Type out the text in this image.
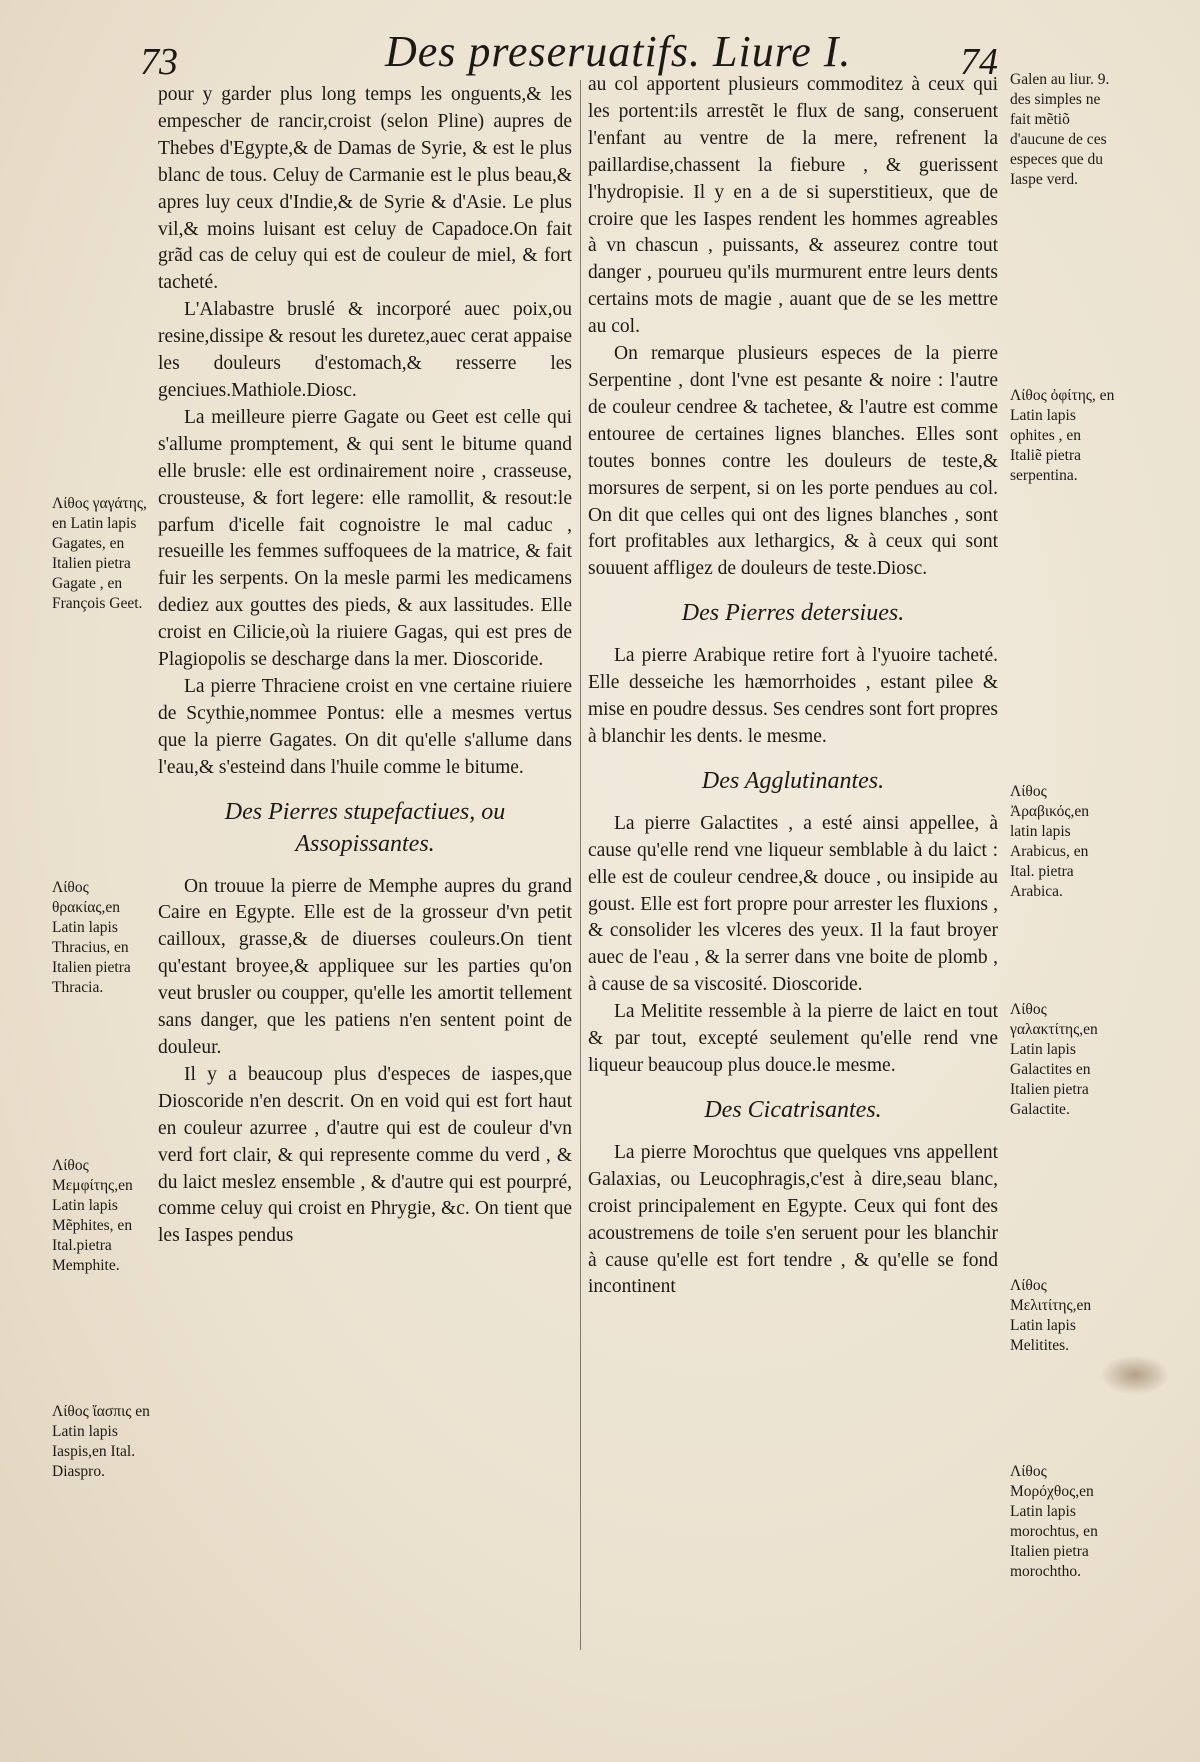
73	Des preseruatifs. Liure I.	74

pour y garder plus long temps les onguents,& les empescher de rancir,croist (selon Pline) aupres de Thebes d'Egypte,& de Damas de Syrie, & est le plus blanc de tous. Celuy de Carmanie est le plus beau,& apres luy ceux d'Indie,& de Syrie & d'Asie. Le plus vil,& moins luisant est celuy de Capadoce.On fait grãd cas de celuy qui est de couleur de miel, & fort tacheté.

L'Alabastre bruslé & incorporé auec poix,ou resine,dissipe & resout les duretez,auec cerat appaise les douleurs d'estomach,& resserre les genciues.Mathiole.Diosc.

La meilleure pierre Gagate ou Geet est celle qui s'allume promptement, & qui sent le bitume quand elle brusle: elle est ordinairement noire , crasseuse, crousteuse, & fort legere: elle ramollit, & resout:le parfum d'icelle fait cognoistre le mal caduc , resueille les femmes suffoquees de la matrice, & fait fuir les serpents. On la mesle parmi les medicamens dediez aux gouttes des pieds, & aux lassitudes. Elle croist en Cilicie,où la riuiere Gagas, qui est pres de Plagiopolis se descharge dans la mer. Dioscoride.

La pierre Thraciene croist en vne certaine riuiere de Scythie,nommee Pontus: elle a mesmes vertus que la pierre Gagates. On dit qu'elle s'allume dans l'eau,& s'esteind dans l'huile comme le bitume.

Des Pierres stupefactiues, ou Assopissantes.

On trouue la pierre de Memphe aupres du grand Caire en Egypte. Elle est de la grosseur d'vn petit cailloux, grasse,& de diuerses couleurs.On tient qu'estant broyee,& appliquee sur les parties qu'on veut brusler ou coupper, qu'elle les amortit tellement sans danger, que les patiens n'en sentent point de douleur.

Il y a beaucoup plus d'especes de iaspes,que Dioscoride n'en descrit. On en void qui est fort haut en couleur azurree , d'autre qui est de couleur d'vn verd fort clair, & qui represente comme du verd , & du laict meslez ensemble , & d'autre qui est pourpré, comme celuy qui croist en Phrygie, &c. On tient que les Iaspes pendus

au col apportent plusieurs commoditez à ceux qui les portent:ils arrestẽt le flux de sang, conseruent l'enfant au ventre de la mere, refrenent la paillardise,chassent la fiebure , & guerissent l'hydropisie. Il y en a de si superstitieux, que de croire que les Iaspes rendent les hommes agreables à vn chascun , puissants, & asseurez contre tout danger , pourueu qu'ils murmurent entre leurs dents certains mots de magie , auant que de se les mettre au col.

On remarque plusieurs especes de la pierre Serpentine , dont l'vne est pesante & noire : l'autre de couleur cendree & tachetee, & l'autre est comme entouree de certaines lignes blanches. Elles sont toutes bonnes contre les douleurs de teste,& morsures de serpent, si on les porte pendues au col. On dit que celles qui ont des lignes blanches , sont fort profitables aux lethargics, & à ceux qui sont souuent affligez de douleurs de teste.Diosc.

Des Pierres detersiues.

La pierre Arabique retire fort à l'yuoire tacheté. Elle desseiche les hæmorrhoides , estant pilee & mise en poudre dessus. Ses cendres sont fort propres à blanchir les dents. le mesme.

Des Agglutinantes.

La pierre Galactites , a esté ainsi appellee, à cause qu'elle rend vne liqueur semblable à du laict : elle est de couleur cendree,& douce , ou insipide au goust. Elle est fort propre pour arrester les fluxions , & consolider les vlceres des yeux. Il la faut broyer auec de l'eau , & la serrer dans vne boite de plomb , à cause de sa viscosité. Dioscoride.

La Melitite ressemble à la pierre de laict en tout & par tout, excepté seulement qu'elle rend vne liqueur beaucoup plus douce.le mesme.

Des Cicatrisantes.

La pierre Morochtus que quelques vns appellent Galaxias, ou Leucophragis,c'est à dire,seau blanc, croist principalement en Egypte. Ceux qui font des acoustremens de toile s'en seruent pour les blanchir à cause qu'elle est fort tendre , & qu'elle se fond incontinent

Λίθος γαγάτης, en Latin lapis Gagates, en Italien pietra Gagate , en François Geet.
Λίθος θρακίας,en Latin lapis Thracius, en Italien pietra Thracia.
Λίθος Μεμφίτης,en Latin lapis Mẽphites, en Ital.pietra Memphite.
Λίθος ἴασπις en Latin lapis Iaspis,en Ital. Diaspro.
Galen au liur. 9. des simples ne fait mẽtiõ d'aucune de ces especes que du Iaspe verd.
Λίθος ὀφίτης, en Latin lapis ophites , en Italiẽ pietra serpentina.
Λίθος Ἀραβικός,en latin lapis Arabicus, en Ital. pietra Arabica.
Λίθος γαλακτίτης,en Latin lapis Galactites en Italien pietra Galactite.
Λίθος Μελιτίτης,en Latin lapis Melitites.
Λίθος Μορόχθος,en Latin lapis morochtus, en Italien pietra morochtho.
